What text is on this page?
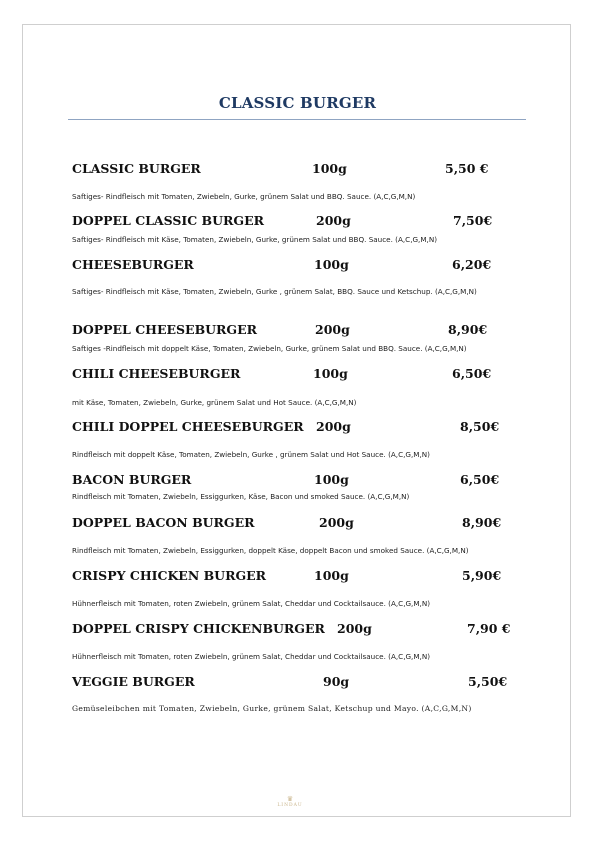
CLASSIC BURGER
CLASSIC BURGER	100g	5,50 €
Saftiges- Rindfleisch mit Tomaten, Zwiebeln, Gurke, grünem Salat und BBQ. Sauce. (A,C,G,M,N)
DOPPEL CLASSIC BURGER	200g	7,50€
Saftiges- Rindfleisch mit Käse, Tomaten, Zwiebeln, Gurke, grünem Salat und BBQ. Sauce. (A,C,G,M,N)
CHEESEBURGER	100g	6,20€
Saftiges- Rindfleisch mit Käse, Tomaten, Zwiebeln, Gurke , grünem Salat, BBQ. Sauce und Ketschup. (A,C,G,M,N)
DOPPEL CHEESEBURGER	200g	8,90€
Saftiges -Rindfleisch mit doppelt Käse, Tomaten, Zwiebeln, Gurke, grünem Salat und BBQ. Sauce. (A,C,G,M,N)
CHILI CHEESEBURGER	100g	6,50€
mit Käse, Tomaten, Zwiebeln, Gurke, grünem Salat und Hot Sauce. (A,C,G,M,N)
CHILI DOPPEL CHEESEBURGER 200g	8,50€
Rindfleisch mit doppelt Käse, Tomaten, Zwiebeln, Gurke , grünem Salat und Hot Sauce. (A,C,G,M,N)
BACON BURGER	100g	6,50€
Rindfleisch mit Tomaten, Zwiebeln, Essiggurken, Käse, Bacon und smoked Sauce. (A,C,G,M,N)
DOPPEL BACON BURGER	200g	8,90€
Rindfleisch mit Tomaten, Zwiebeln, Essiggurken, doppelt Käse, doppelt Bacon und smoked Sauce. (A,C,G,M,N)
CRISPY CHICKEN BURGER	100g	5,90€
Hühnerfleisch mit Tomaten, roten Zwiebeln, grünem Salat, Cheddar und Cocktailsauce. (A,C,G,M,N)
DOPPEL CRISPY CHICKENBURGER 200g	7,90 €
Hühnerfleisch mit Tomaten, roten Zwiebeln, grünem Salat, Cheddar und Cocktailsauce. (A,C,G,M,N)
VEGGIE BURGER	90g	5,50€
Gemüseleibchen mit Tomaten, Zwiebeln, Gurke, grünem Salat, Ketschup und Mayo. (A,C,G,M,N)
♛
LINDAU
